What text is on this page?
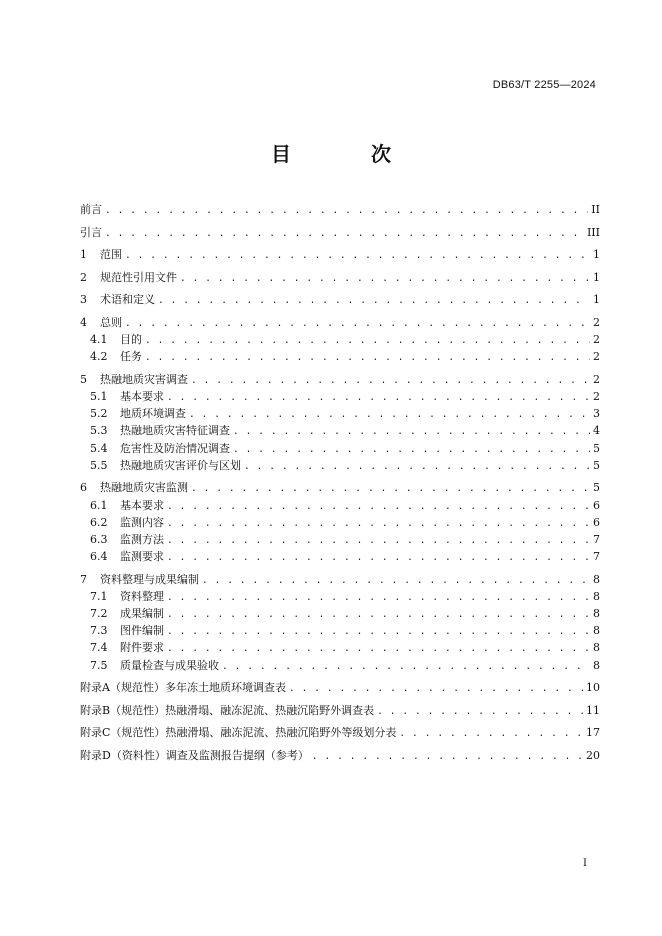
DB63/T 2255—2024
目　次
前言 . . .	II
引言 . . .	III
1	范围 . . .	1
2	规范性引用文件 . . .	1
3	术语和定义 . . .	1
4	总则 . . .	2
4.1	目的 . . .	2
4.2	任务 . . .	2
5	热融地质灾害调查 . . .	2
5.1	基本要求 . . .	2
5.2	地质环境调查 . . .	3
5.3	热融地质灾害特征调查 . . .	4
5.4	危害性及防治情况调查 . . .	5
5.5	热融地质灾害评价与区划 . . .	5
6	热融地质灾害监测 . . .	5
6.1	基本要求 . . .	6
6.2	监测内容 . . .	6
6.3	监测方法 . . .	7
6.4	监测要求 . . .	7
7	资料整理与成果编制 . . .	8
7.1	资料整理 . . .	8
7.2	成果编制 . . .	8
7.3	图件编制 . . .	8
7.4	附件要求 . . .	8
7.5	质量检查与成果验收 . . .	8
附录A（规范性） 多年冻土地质环境调查表 . . .	10
附录B（规范性） 热融滑塌、融冻泥流、热融沉陷野外调查表 . . .	11
附录C（规范性） 热融滑塌、融冻泥流、热融沉陷野外等级划分表 . . .	17
附录D（资料性） 调查及监测报告提纲（参考） . . .	20
I
